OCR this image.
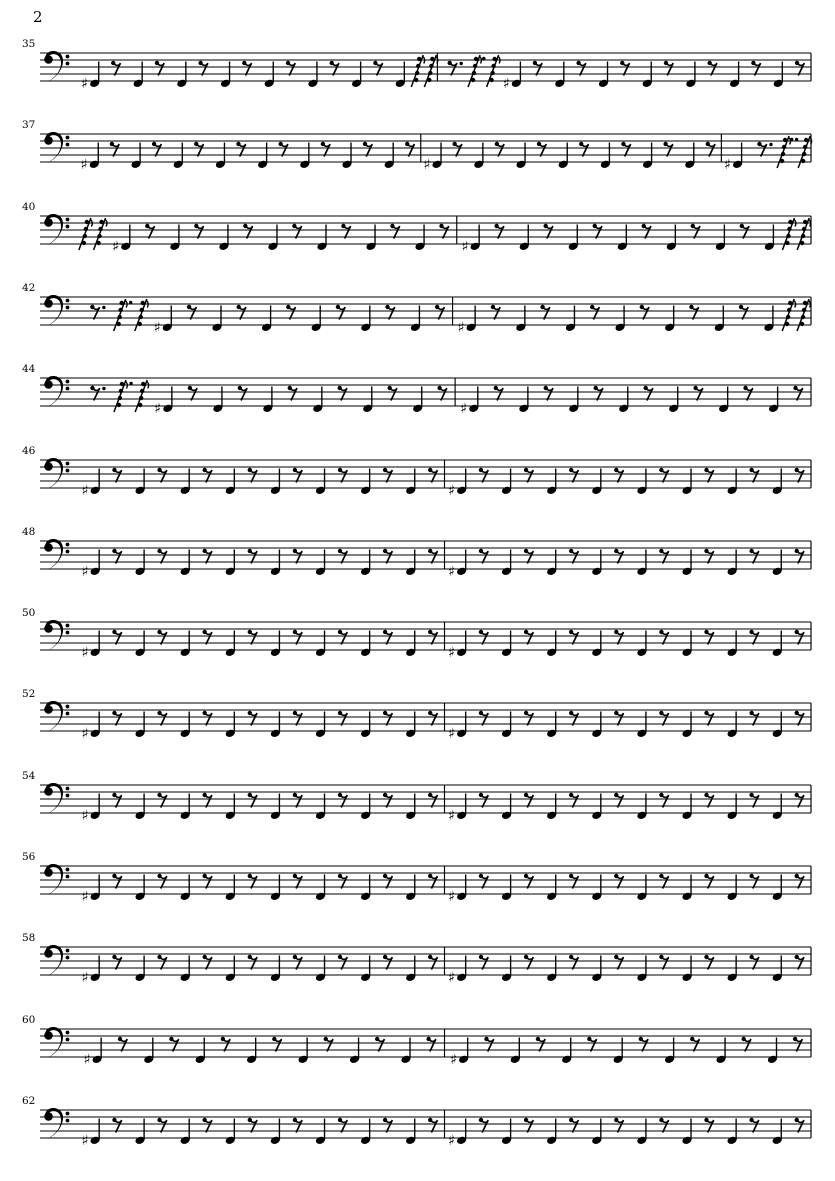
2
35
♯	♯
37
♯	♯	♯
40
♯	♯
42
♯	♯
44
♯	♯
46
♯	♯
48
♯	♯
50
♯	♯
52
♯	♯
54
♯	♯
56
♯	♯
58
♯	♯
60
♯	♯
62
♯	♯
